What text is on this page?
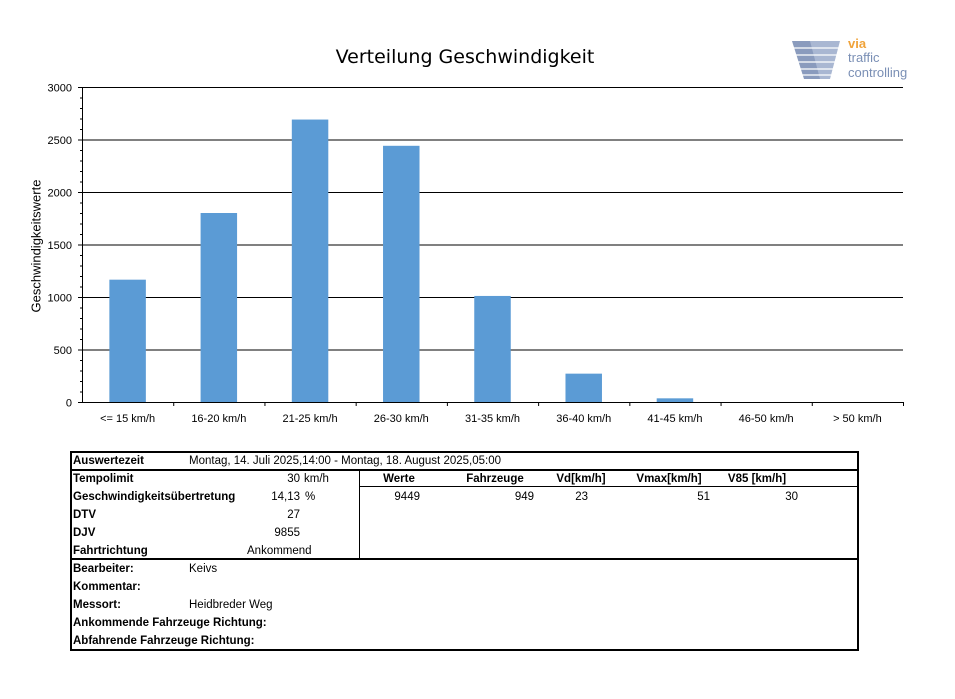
Verteilung Geschwindigkeit
via
traffic
controlling
0
500
1000
1500
2000
2500
3000
<= 15 km/h	16-20 km/h	21-25 km/h	26-30 km/h	31-35 km/h	36-40 km/h	41-45 km/h	46-50 km/h	> 50 km/h
Geschwindigkeitswerte
Auswertezeit	Montag, 14. Juli 2025,14:00 - Montag, 18. August 2025,05:00
Tempolimit	30 km/h
Geschwindigkeitsübertretung	14,13 %
DTV	27
DJV	9855
Fahrtrichtung	Ankommend
Werte	Fahrzeuge	Vd[km/h]	Vmax[km/h]	V85 [km/h]
9449	949	23	51	30
Bearbeiter:	Keivs
Kommentar:
Messort:	Heidbreder Weg
Ankommende Fahrzeuge Richtung:
Abfahrende Fahrzeuge Richtung:
